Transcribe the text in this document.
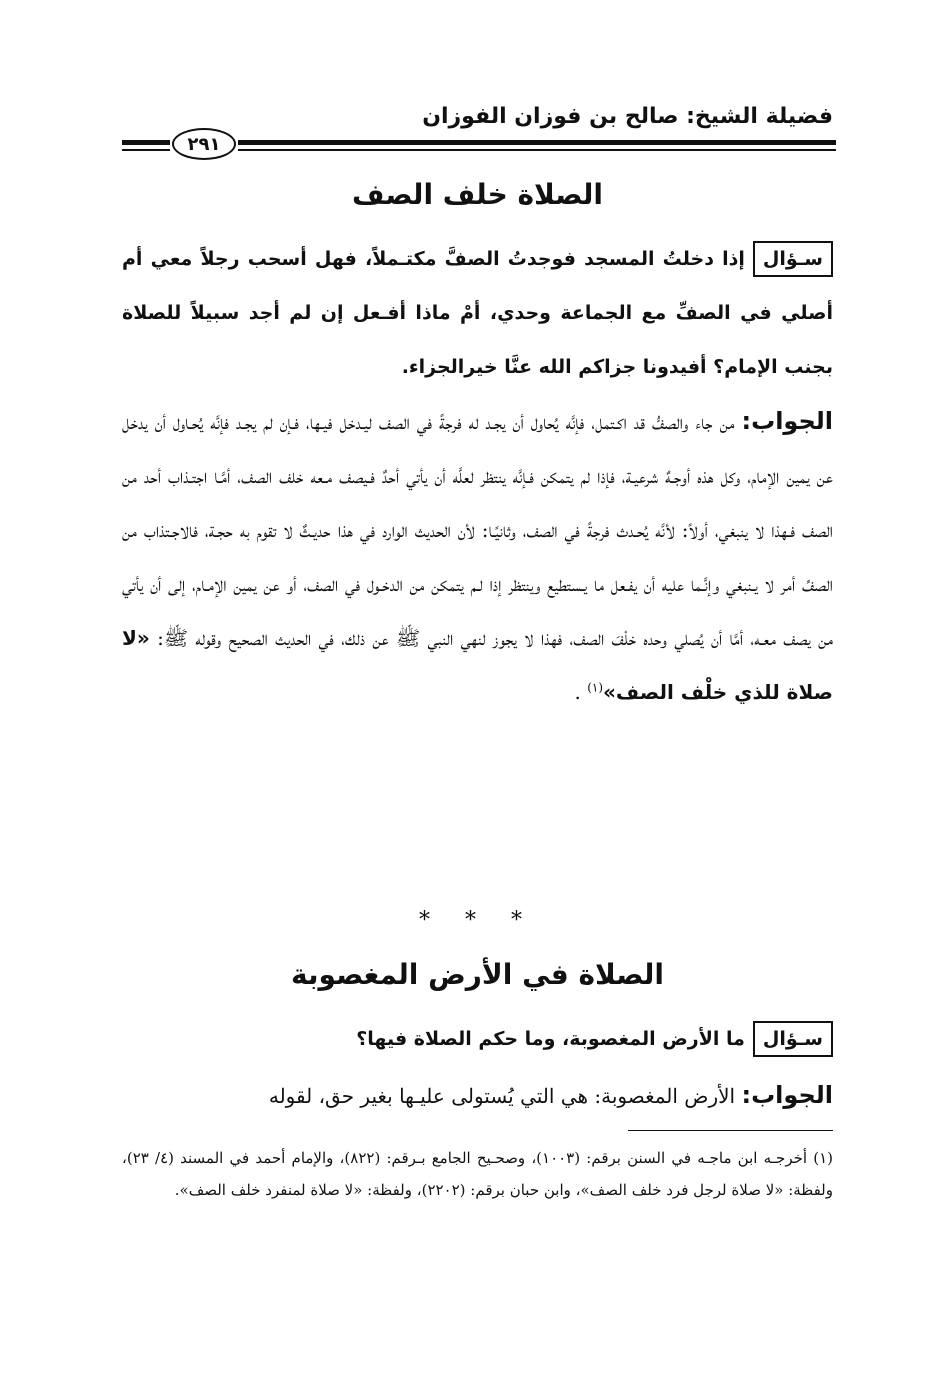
فضيلة الشيخ: صالح بن فوزان الفوزان
٢٩١
الصلاة خلف الصف
سـؤالإذا دخلتُ المسجد فوجدتُ الصفَّ مكتـملاً، فهل أسحب رجلاً معي أم أصلي في الصفِّ مع الجماعة وحدي، أمْ ماذا أفـعل إن لم أجد سبيلاً للصلاة بجنب الإمام؟ أفيدونا جزاكم الله عنَّا خيرالجزاء.
الجواب: من جاء والصفُّ قد اكـتمل، فإنَّه يُحاول أن يجـد له فرجةً في الصف ليـدخل فيـها، فـإن لم يجـد فإنَّه يُحـاول أن يدخل عن يمين الإمام، وكل هذه أوجـهٌ شرعيـة، فإذا لم يتمكن فـإنَّه ينتظر لعلَّه أن يأتي أحدٌ فـيصف مـعه خلف الصف، أمَّـا اجتـذاب أحد من الصف فـهذا لا ينبغي، أولاً: لأنَّه يُحـدث فرجةً في الصف، وثانيًـا: لأن الحديث الوارد في هذا حديـثٌ لا تقوم به حجـة، فالاجـتذاب من الصفِّ أمر لا يـنبغي وإنَّـما عليه أن يفـعل ما يـستطيع وينتظر إذا لـم يتمكن من الدخـول في الصف، أو عن يمين الإمـام، إلى أن يأتي من يصف معـه، أمَّا أن يُصلي وحده خلْفَ الصف، فهذا لا يجوز لنهي النبي ﷺ عن ذلك، في الحديث الصحيح وقوله ﷺ: «لا صلاة للذي خلْف الصف»$^{(١)}$ .
* * *
الصلاة في الأرض المغصوبة
سـؤالما الأرض المغصوبة، وما حكم الصلاة فيها؟
الجواب: الأرض المغصوبة: هي التي يُستولى عليـها بغير حق، لقوله
(١) أخرجـه ابن ماجـه في السنن برقم: (١٠٠٣)، وصحـيح الجامع بـرقم: (٨٢٢)، والإمام أحمد في المسند (٤/ ٢٣)، ولفظة: «لا صلاة لرجل فرد خلف الصف»، وابن حبان برقم: (٢٢٠٢)، ولفظة: «لا صلاة لمنفرد خلف الصف».
